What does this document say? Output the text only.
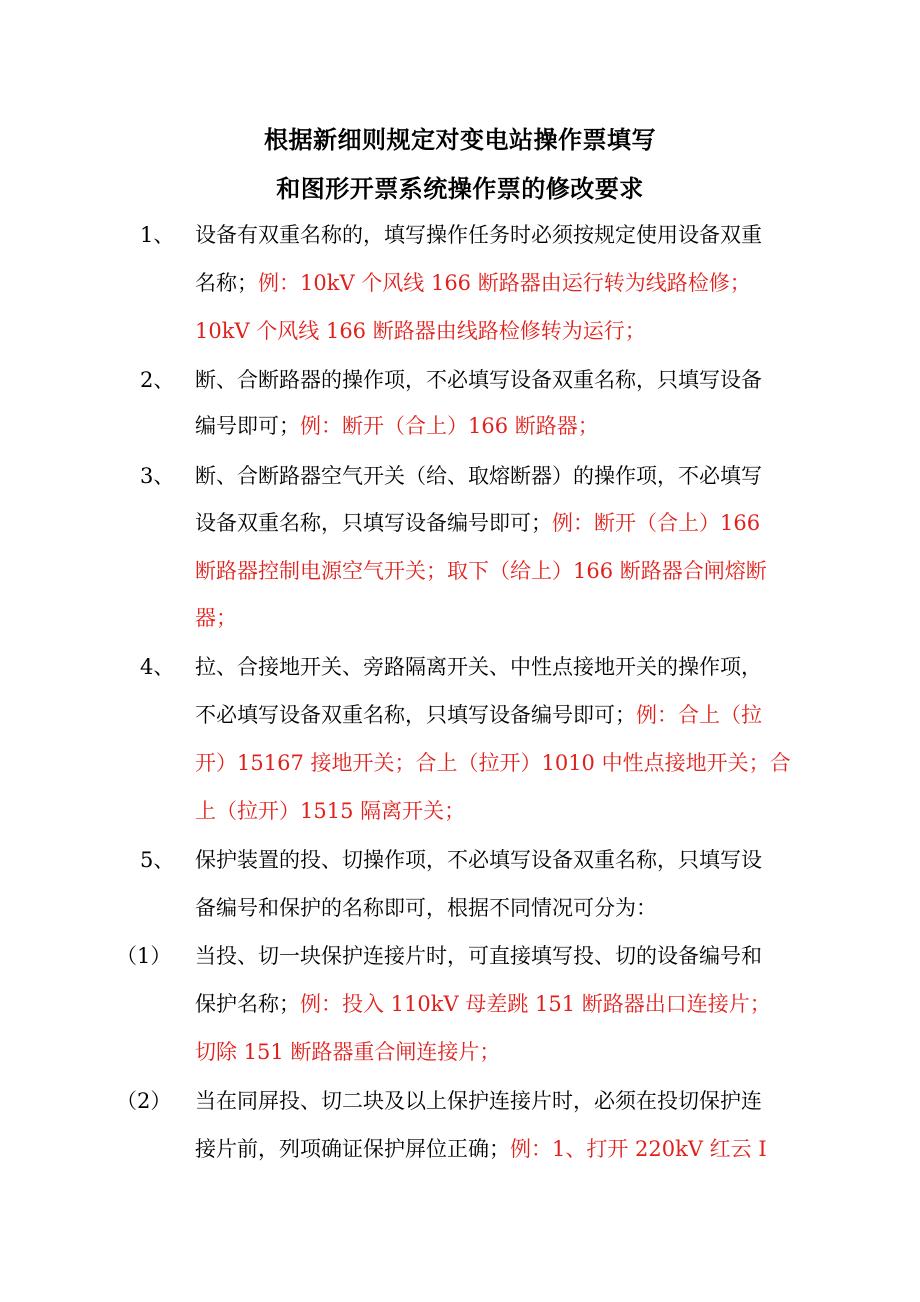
根据新细则规定对变电站操作票填写
和图形开票系统操作票的修改要求
1、 设备有双重名称的，填写操作任务时必须按规定使用设备双重
名称；例：10kV 个风线 166 断路器由运行转为线路检修；
10kV 个风线 166 断路器由线路检修转为运行；
2、 断、合断路器的操作项，不必填写设备双重名称，只填写设备
编号即可；例：断开（合上）166 断路器；
3、 断、合断路器空气开关（给、取熔断器）的操作项，不必填写
设备双重名称，只填写设备编号即可；例：断开（合上）166
断路器控制电源空气开关；取下（给上）166 断路器合闸熔断
器；
4、 拉、合接地开关、旁路隔离开关、中性点接地开关的操作项，
不必填写设备双重名称，只填写设备编号即可；例：合上（拉
开）15167 接地开关；合上（拉开）1010 中性点接地开关；合
上（拉开）1515 隔离开关；
5、 保护装置的投、切操作项，不必填写设备双重名称，只填写设
备编号和保护的名称即可，根据不同情况可分为：
（1） 当投、切一块保护连接片时，可直接填写投、切的设备编号和
保护名称；例：投入 110kV 母差跳 151 断路器出口连接片；
切除 151 断路器重合闸连接片；
（2） 当在同屏投、切二块及以上保护连接片时，必须在投切保护连
接片前，列项确证保护屏位正确；例：1、打开 220kV 红云 I
